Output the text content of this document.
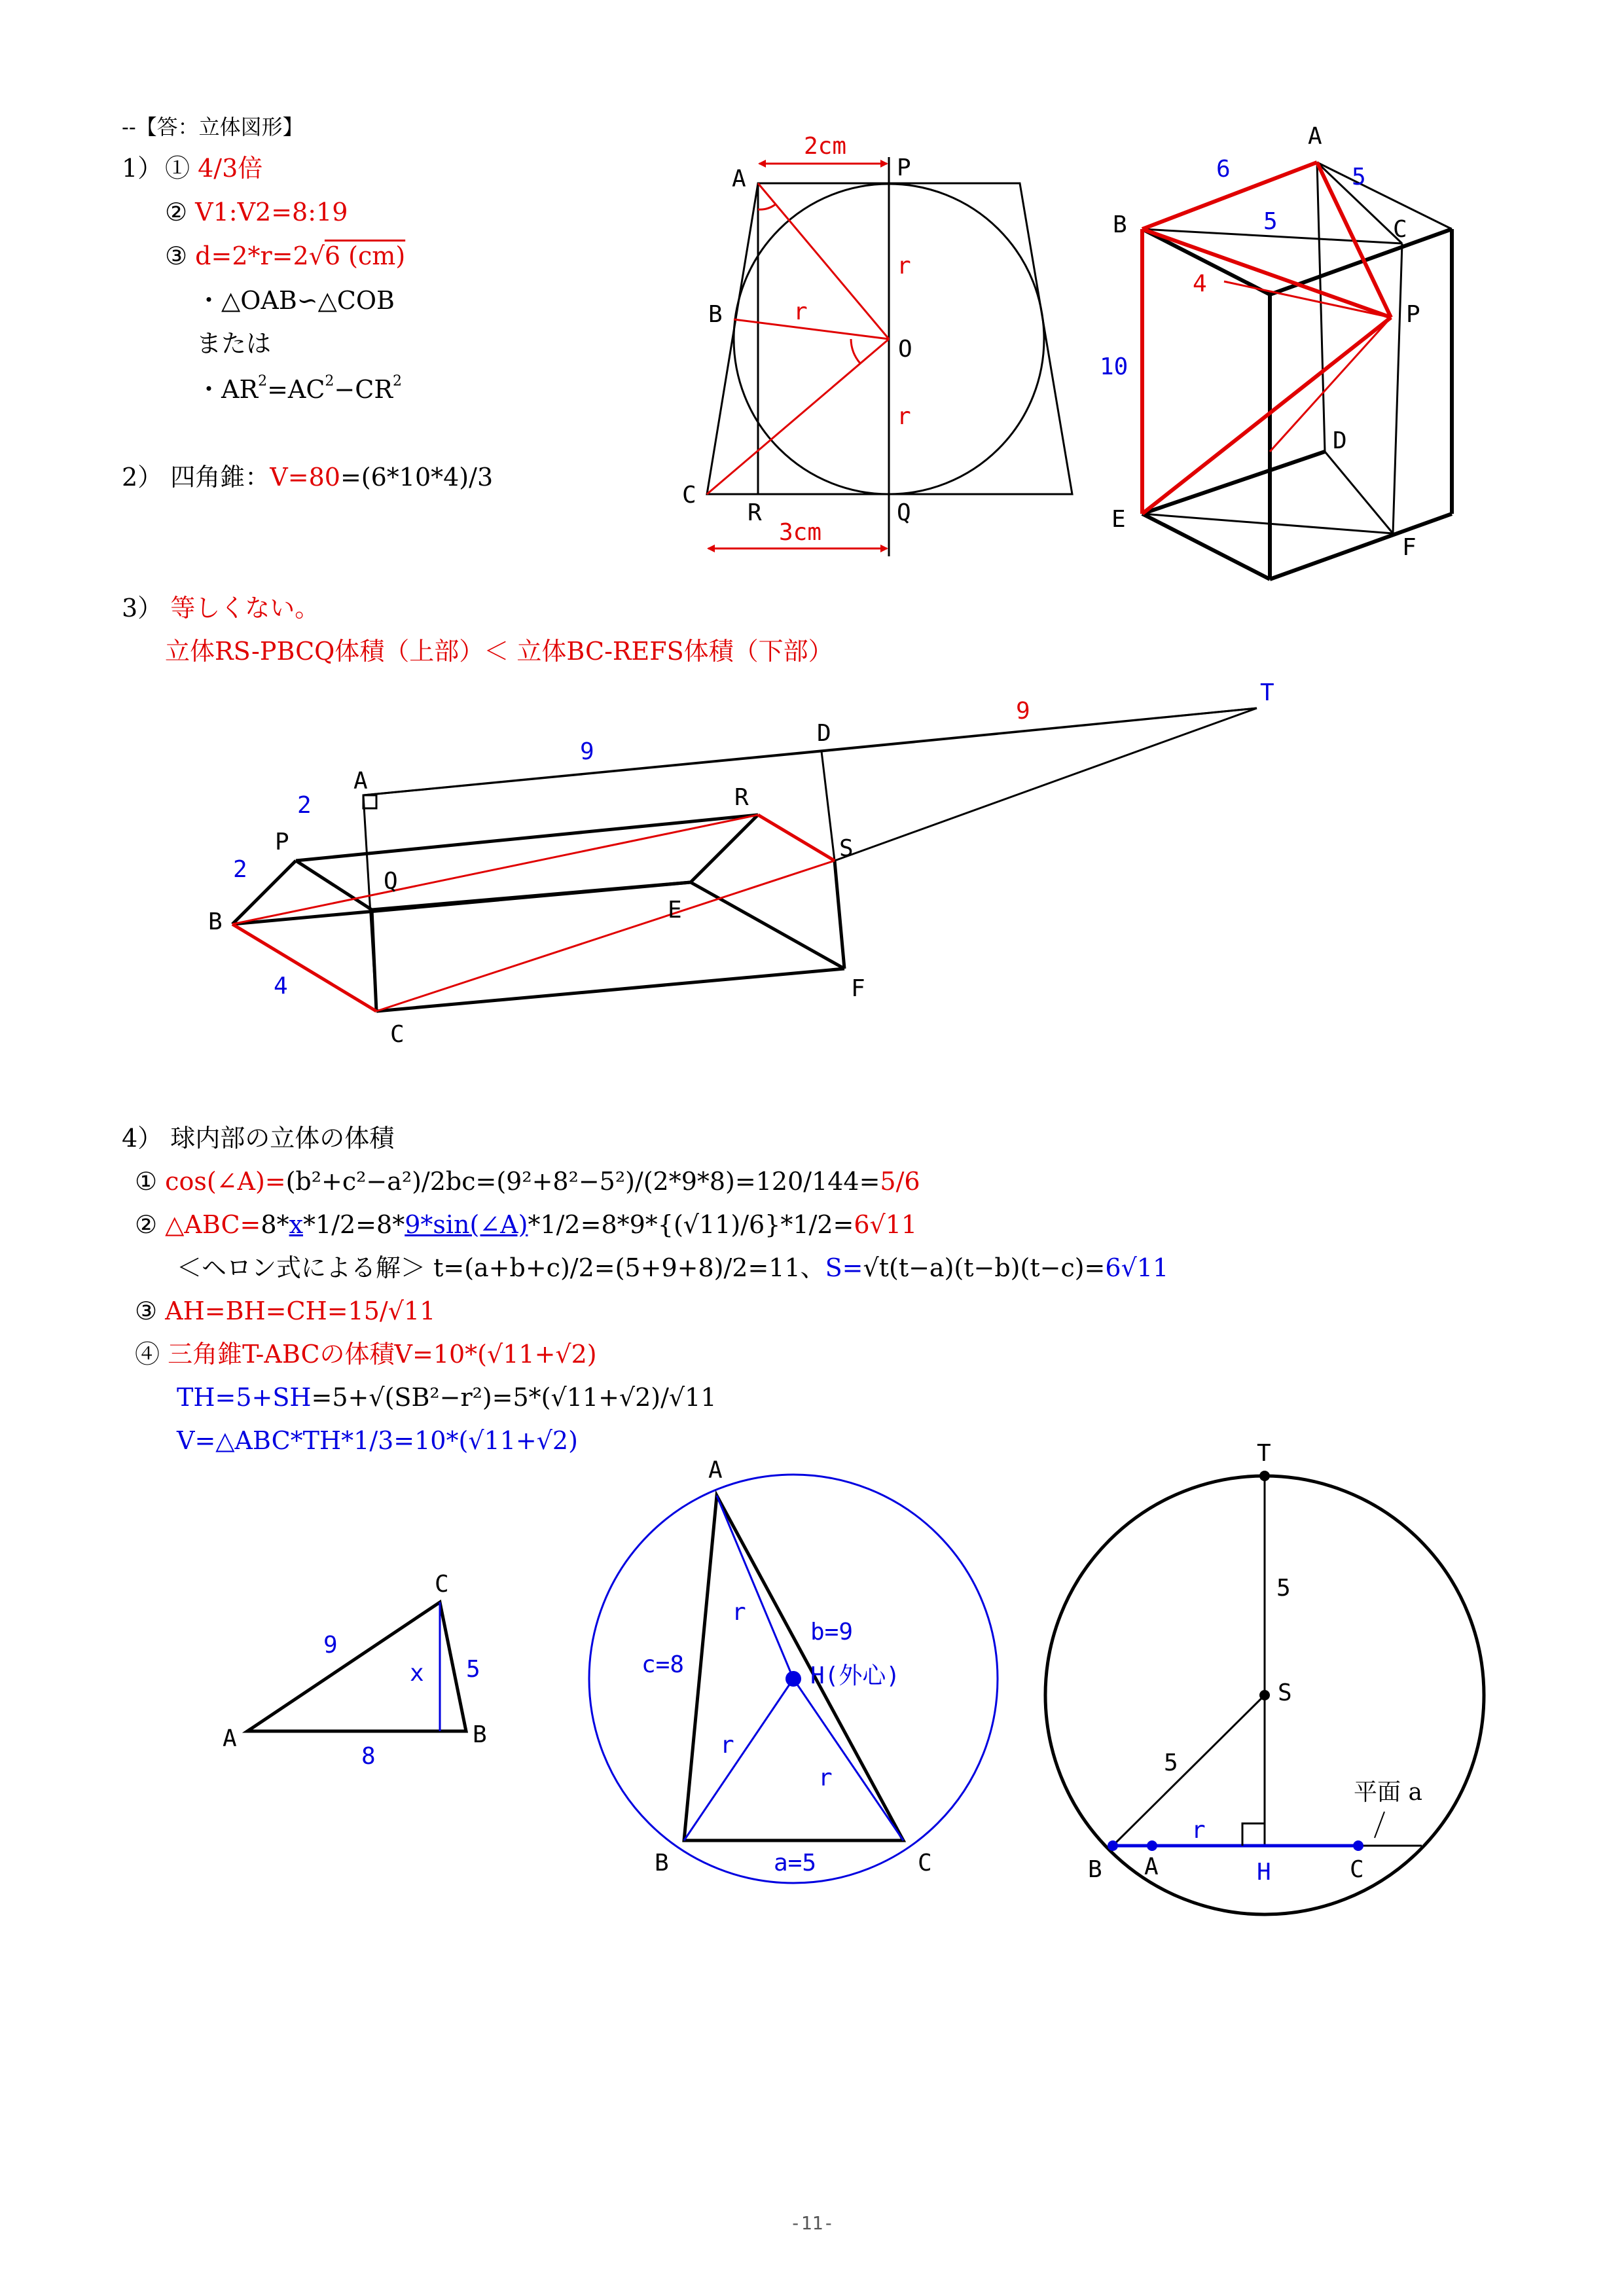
--【答：立体図形】
1） ① 4/3倍
② V1:V2=8:19
③ d=2*r=2√6 (cm)
・△OAB∽△COB
または
・$AR^2=AC^2-CR^2$
2） 四角錐：V=80=(6*10*4)/3
3） 等しくない。
立体RS-PBCQ体積（上部）＜ 立体BC-REFS体積（下部）
4） 球内部の立体の体積
① cos(∠A)=(b²+c²−a²)/2bc=(9²+8²−5²)/(2*9*8)=120/144=5/6
② △ABC=8*x*1/2=8*9*sin(∠A)*1/2=8*9*{(√11)/6}*1/2=6√11
＜ヘロン式による解＞ t=(a+b+c)/2=(5+9+8)/2=11、S=√t(t−a)(t−b)(t−c)=6√11
③ AH=BH=CH=15/√11
④ 三角錐T-ABCの体積V=10*(√11+√2)
TH=5+SH=5+√(SB²−r²)=5*(√11+√2)/√11
V=△ABC*TH*1/3=10*(√11+√2)
-11-
A	P
B
O
C
R	Q
r
r
r
2cm
3cm
A
B	C
P
D
E
F
6	5
5
4
10
A
D
T
R
S
P
Q
B	E
C
F
9
9
2
2
4
A	B
C
9
8
5
x
A
B	C
b=9
c=8
a=5
H(外心)
r
r
r
T
S
B A	H	C
5
5
r
平面 a
